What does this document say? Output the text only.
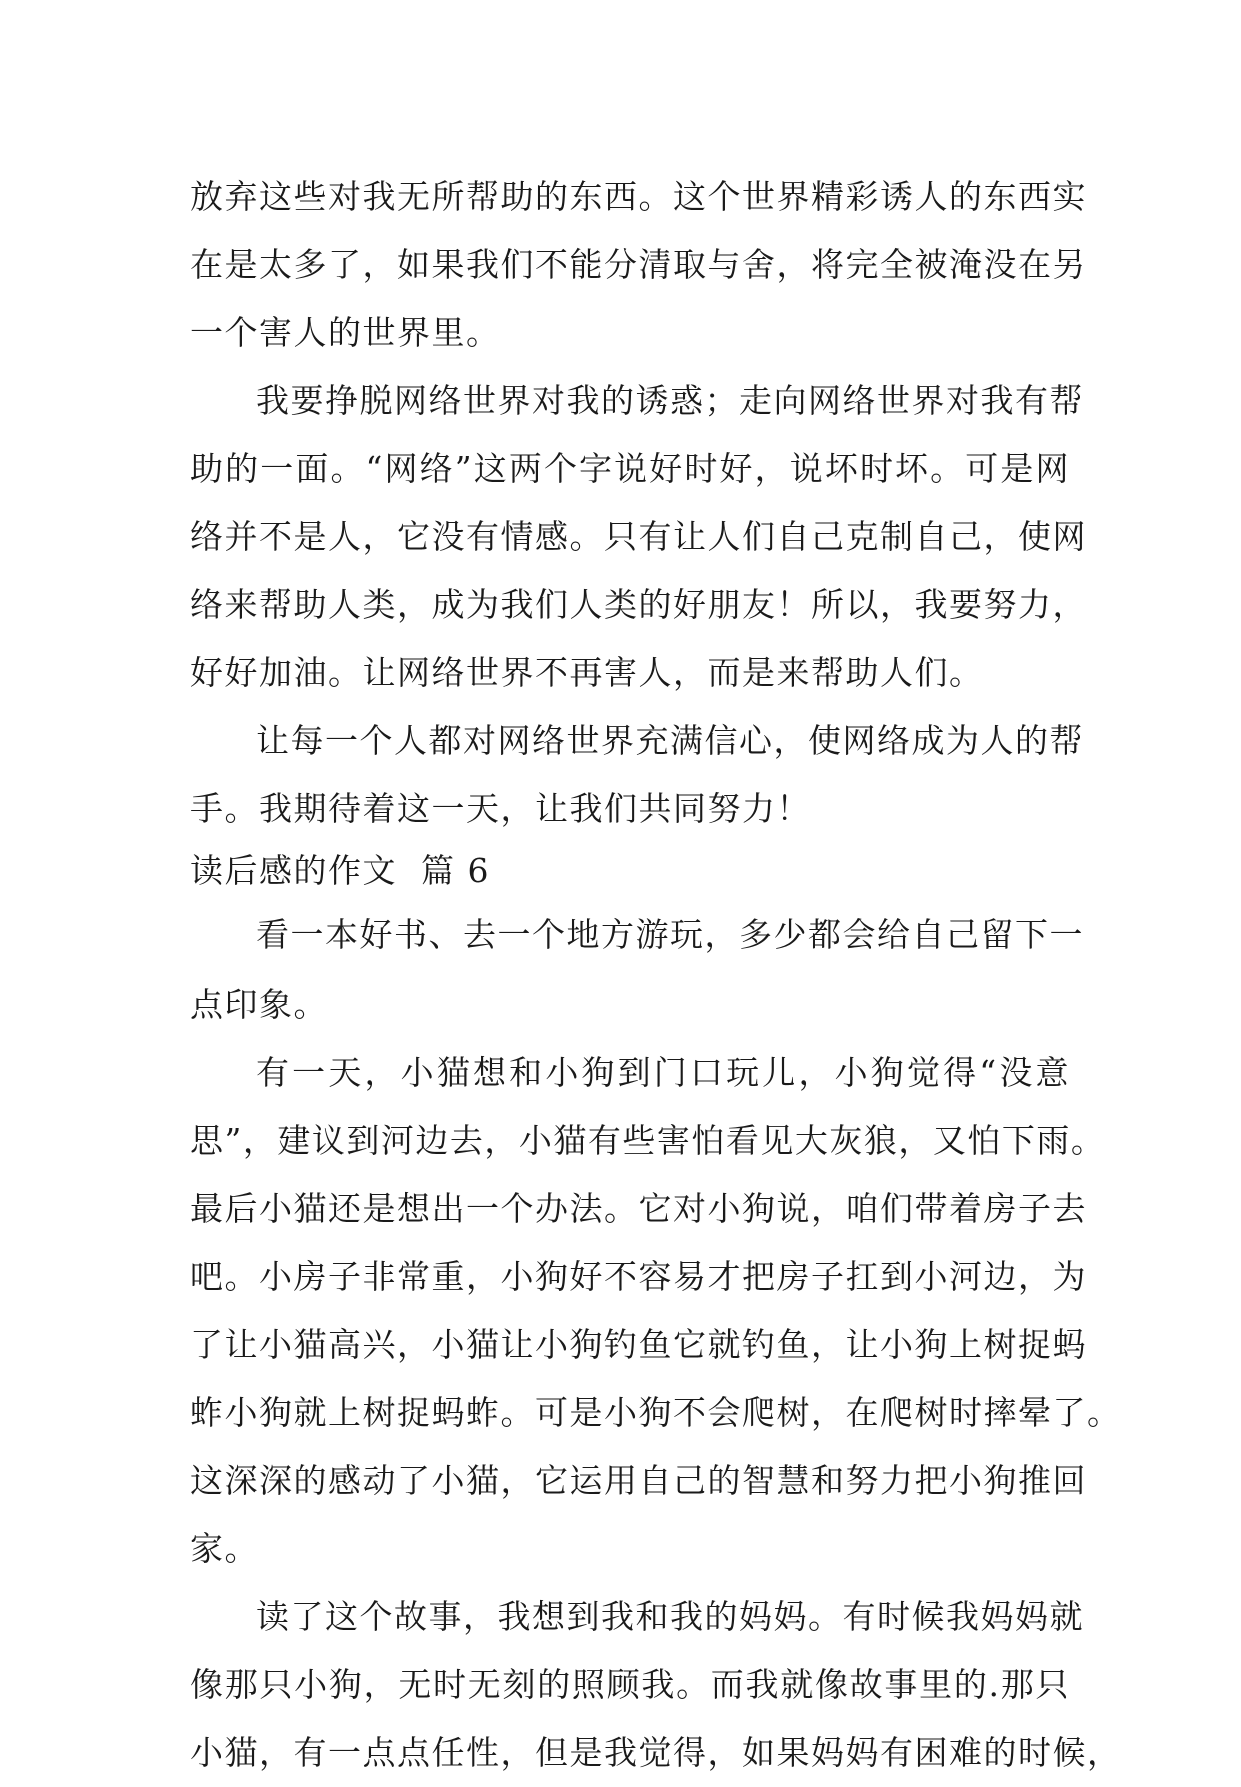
放弃这些对我无所帮助的东西。这个世界精彩诱人的东西实
在是太多了，如果我们不能分清取与舍，将完全被淹没在另
一个害人的世界里。
我要挣脱网络世界对我的诱惑；走向网络世界对我有帮
助的一面。“网络”这两个字说好时好，说坏时坏。可是网
络并不是人，它没有情感。只有让人们自己克制自己，使网
络来帮助人类，成为我们人类的好朋友！所以，我要努力，
好好加油。让网络世界不再害人，而是来帮助人们。
让每一个人都对网络世界充满信心，使网络成为人的帮
手。我期待着这一天，让我们共同努力！
读后感的作文  篇 6
看一本好书、去一个地方游玩，多少都会给自己留下一
点印象。
有一天，小猫想和小狗到门口玩儿，小狗觉得“没意
思”，建议到河边去，小猫有些害怕看见大灰狼，又怕下雨。
最后小猫还是想出一个办法。它对小狗说，咱们带着房子去
吧。小房子非常重，小狗好不容易才把房子扛到小河边，为
了让小猫高兴，小猫让小狗钓鱼它就钓鱼，让小狗上树捉蚂
蚱小狗就上树捉蚂蚱。可是小狗不会爬树，在爬树时摔晕了。
这深深的感动了小猫，它运用自己的智慧和努力把小狗推回
家。
读了这个故事，我想到我和我的妈妈。有时候我妈妈就
像那只小狗，无时无刻的照顾我。而我就像故事里的.那只
小猫，有一点点任性，但是我觉得，如果妈妈有困难的时候，
